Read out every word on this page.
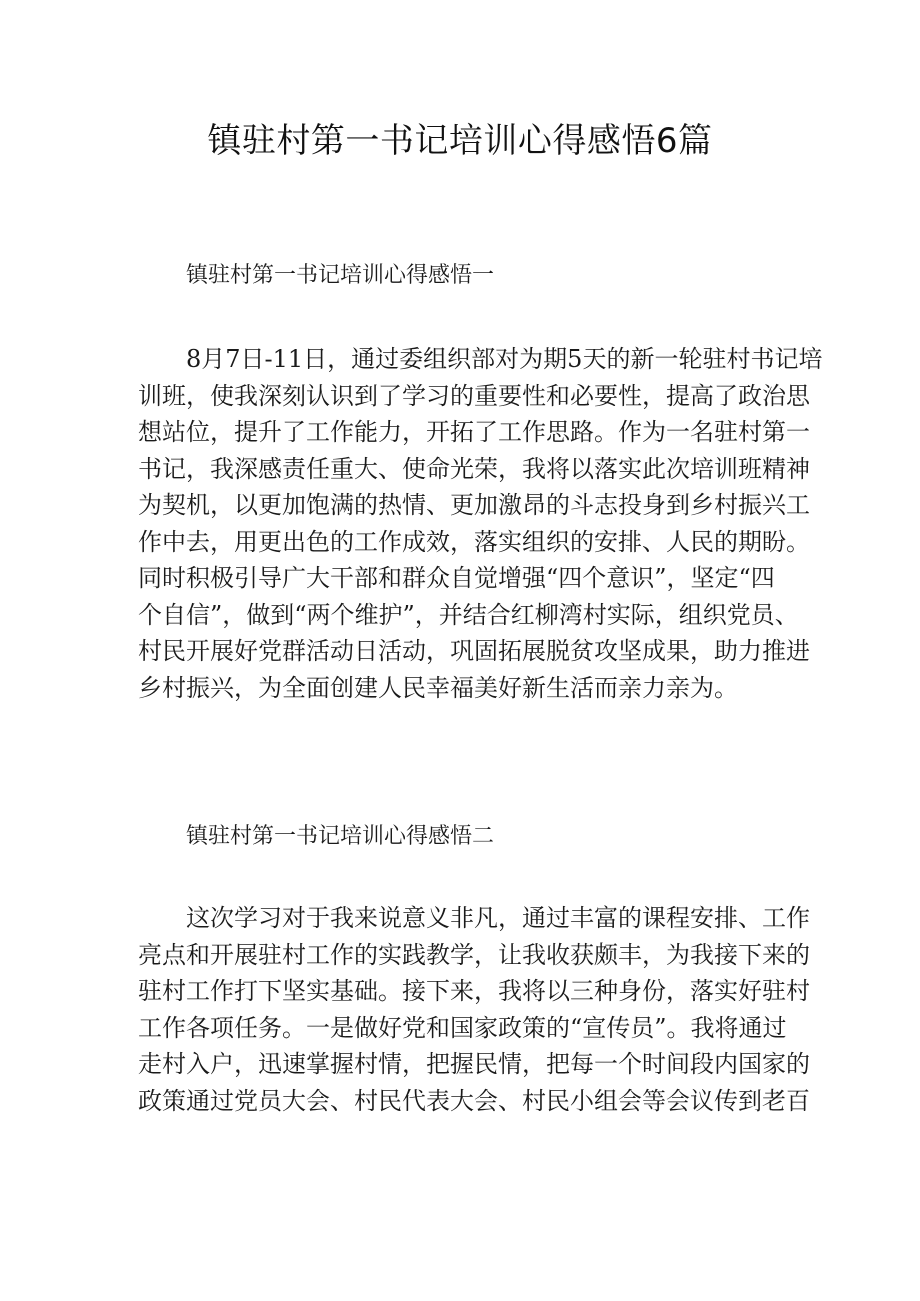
镇驻村第一书记培训心得感悟6篇
镇驻村第一书记培训心得感悟一
8月7日-11日，通过委组织部对为期5天的新一轮驻村书记培
训班，使我深刻认识到了学习的重要性和必要性，提高了政治思
想站位，提升了工作能力，开拓了工作思路。作为一名驻村第一
书记，我深感责任重大、使命光荣，我将以落实此次培训班精神
为契机，以更加饱满的热情、更加激昂的斗志投身到乡村振兴工
作中去，用更出色的工作成效，落实组织的安排、人民的期盼。
同时积极引导广大干部和群众自觉增强“四个意识”，坚定“四
个自信”，做到“两个维护”，并结合红柳湾村实际，组织党员、
村民开展好党群活动日活动，巩固拓展脱贫攻坚成果，助力推进
乡村振兴，为全面创建人民幸福美好新生活而亲力亲为。
镇驻村第一书记培训心得感悟二
这次学习对于我来说意义非凡，通过丰富的课程安排、工作
亮点和开展驻村工作的实践教学，让我收获颇丰，为我接下来的
驻村工作打下坚实基础。接下来，我将以三种身份，落实好驻村
工作各项任务。一是做好党和国家政策的“宣传员”。我将通过
走村入户，迅速掌握村情，把握民情，把每一个时间段内国家的
政策通过党员大会、村民代表大会、村民小组会等会议传到老百
